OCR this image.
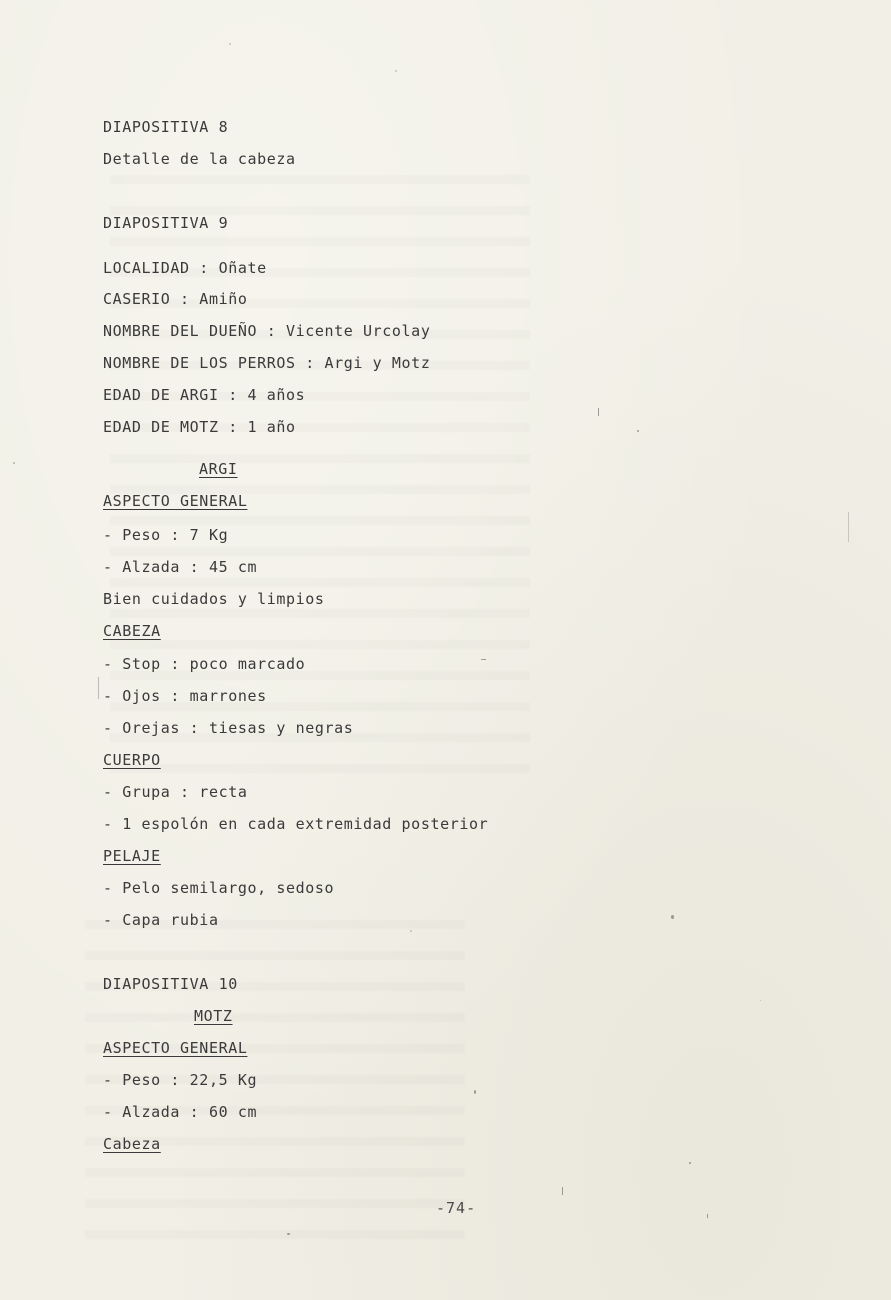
DIAPOSITIVA 8
Detalle de la cabeza
DIAPOSITIVA 9
LOCALIDAD : Oñate
CASERIO : Amiño
NOMBRE DEL DUEÑO : Vicente Urcolay
NOMBRE DE LOS PERROS : Argi y Motz
EDAD DE ARGI : 4 años
EDAD DE MOTZ : 1 año
ARGI
ASPECTO GENERAL
- Peso : 7 Kg
- Alzada : 45 cm
Bien cuidados y limpios
CABEZA
- Stop : poco marcado
- Ojos : marrones
- Orejas : tiesas y negras
CUERPO
- Grupa : recta
- 1 espolón en cada extremidad posterior
PELAJE
- Pelo semilargo, sedoso
- Capa rubia
DIAPOSITIVA 10
MOTZ
ASPECTO GENERAL
- Peso : 22,5 Kg
- Alzada : 60 cm
Cabeza
-74-
